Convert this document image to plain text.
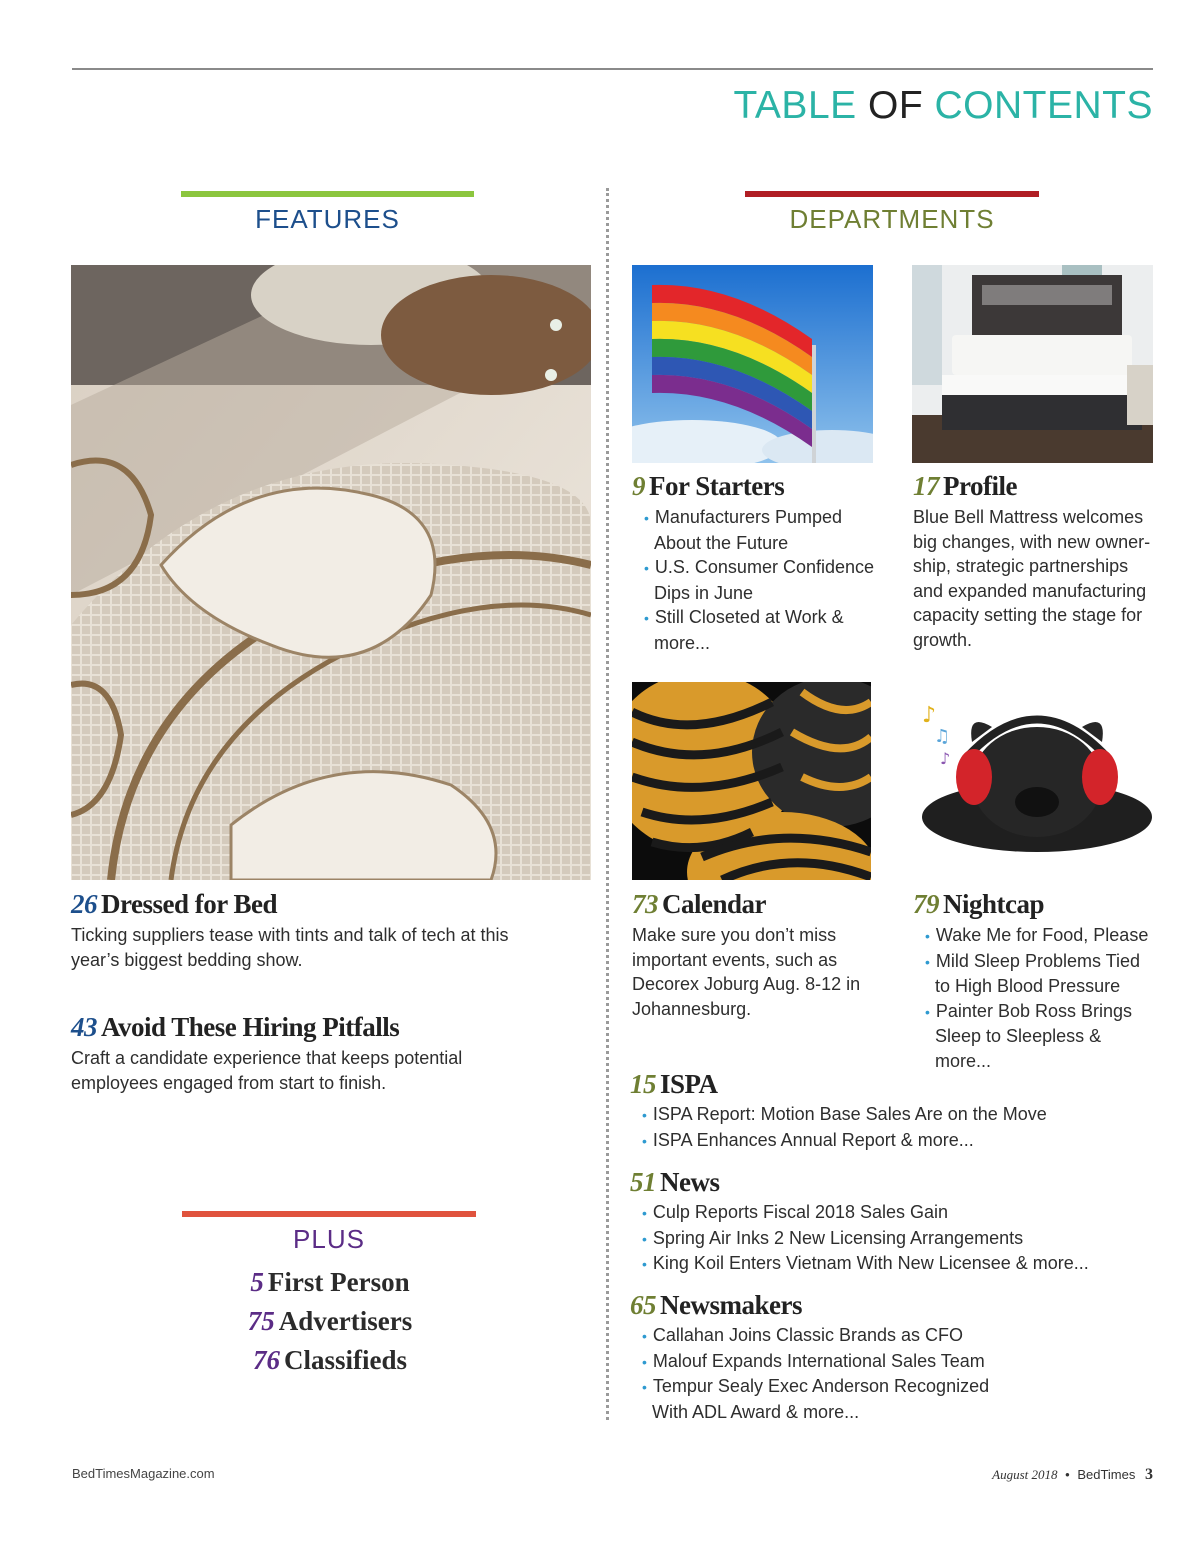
TABLE OF CONTENTS
FEATURES
26 Dressed for Bed
Ticking suppliers tease with tints and talk of tech at this year’s biggest bedding show.
43 Avoid These Hiring Pitfalls
Craft a candidate experience that keeps potential employees engaged from start to finish.
PLUS
5 First Person
75 Advertisers
76 Classifieds
DEPARTMENTS
9 For Starters
• Manufacturers Pumped About the Future
• U.S. Consumer Confidence Dips in June
• Still Closeted at Work & more...
17 Profile
Blue Bell Mattress welcomes big changes, with new owner-ship, strategic partnerships and expanded manufacturing capacity setting the stage for growth.
♪
♫
♪
73 Calendar
Make sure you don’t miss important events, such as Decorex Joburg Aug. 8-12 in Johannesburg.
79 Nightcap
• Wake Me for Food, Please
• Mild Sleep Problems Tied to High Blood Pressure
• Painter Bob Ross Brings Sleep to Sleepless & more...
15 ISPA
• ISPA Report: Motion Base Sales Are on the Move
• ISPA Enhances Annual Report & more...
51 News
• Culp Reports Fiscal 2018 Sales Gain
• Spring Air Inks 2 New Licensing Arrangements
• King Koil Enters Vietnam With New Licensee & more...
65 Newsmakers
• Callahan Joins Classic Brands as CFO
• Malouf Expands International Sales Team
• Tempur Sealy Exec Anderson Recognized With ADL Award & more...
BedTimesMagazine.com	August 2018 • BedTimes 3
